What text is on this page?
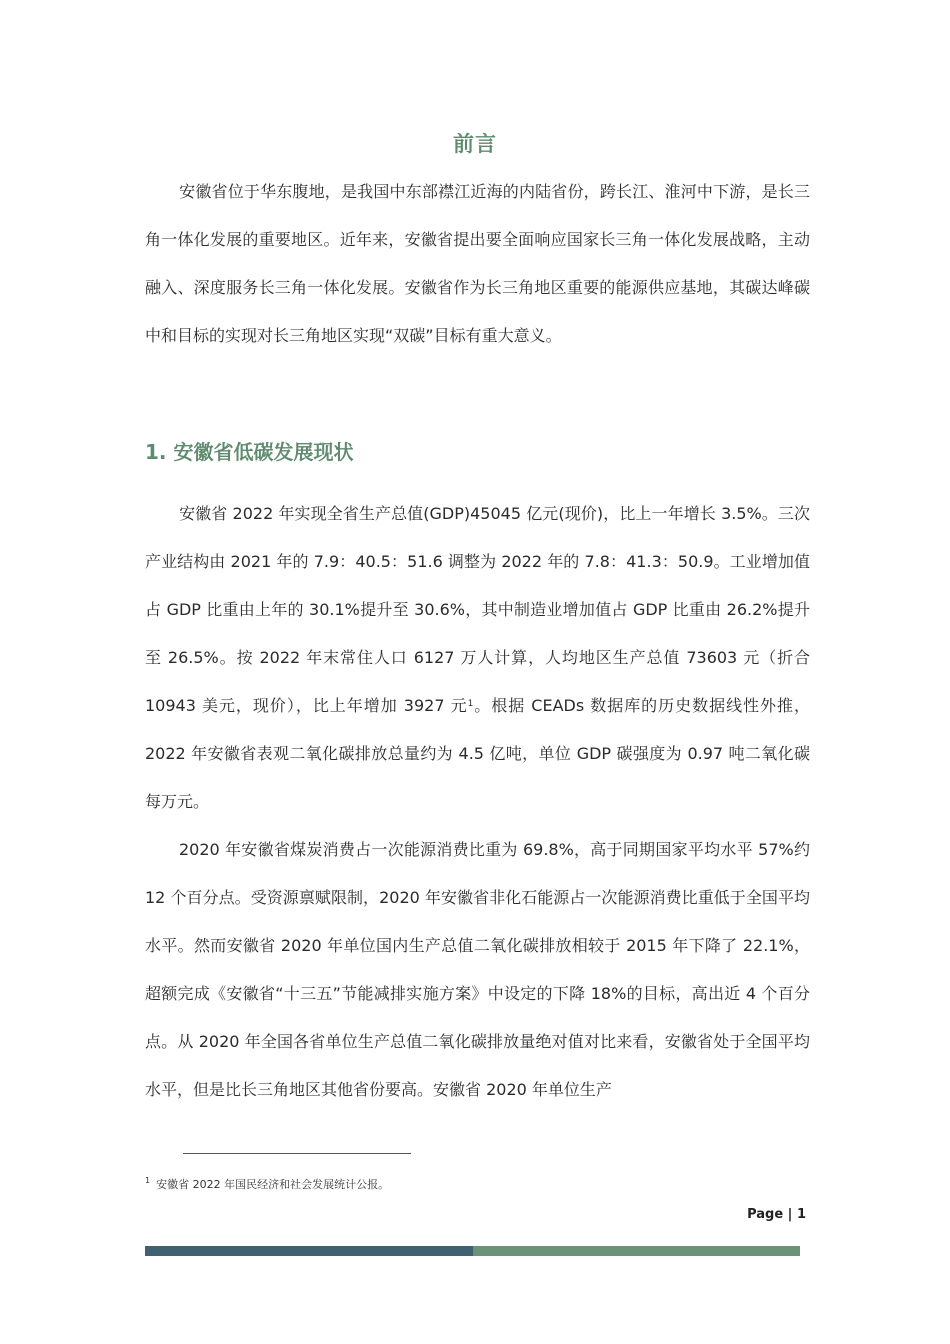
前言

安徽省位于华东腹地，是我国中东部襟江近海的内陆省份，跨长江、淮河中下游，是长三角一体化发展的重要地区。近年来，安徽省提出要全面响应国家长三角一体化发展战略，主动融入、深度服务长三角一体化发展。安徽省作为长三角地区重要的能源供应基地，其碳达峰碳中和目标的实现对长三角地区实现“双碳”目标有重大意义。

1. 安徽省低碳发展现状

安徽省 2022 年实现全省生产总值(GDP)45045 亿元(现价)，比上一年增长 3.5%。三次产业结构由 2021 年的 7.9：40.5：51.6 调整为 2022 年的 7.8：41.3：50.9。工业增加值占 GDP 比重由上年的 30.1%提升至 30.6%，其中制造业增加值占 GDP 比重由 26.2%提升至 26.5%。按 2022 年末常住人口 6127 万人计算，人均地区生产总值 73603 元（折合 10943 美元，现价），比上年增加 3927 元$^1$。根据 CEADs 数据库的历史数据线性外推，2022 年安徽省表观二氧化碳排放总量约为 4.5 亿吨，单位 GDP 碳强度为 0.97 吨二氧化碳每万元。

2020 年安徽省煤炭消费占一次能源消费比重为 69.8%，高于同期国家平均水平 57%约 12 个百分点。受资源禀赋限制，2020 年安徽省非化石能源占一次能源消费比重低于全国平均水平。然而安徽省 2020 年单位国内生产总值二氧化碳排放相较于 2015 年下降了 22.1%，超额完成《安徽省“十三五”节能减排实施方案》中设定的下降 18%的目标，高出近 4 个百分点。从 2020 年全国各省单位生产总值二氧化碳排放量绝对值对比来看，安徽省处于全国平均水平，但是比长三角地区其他省份要高。安徽省 2020 年单位生产

$^1$ 安徽省 2022 年国民经济和社会发展统计公报。
Page | 1
